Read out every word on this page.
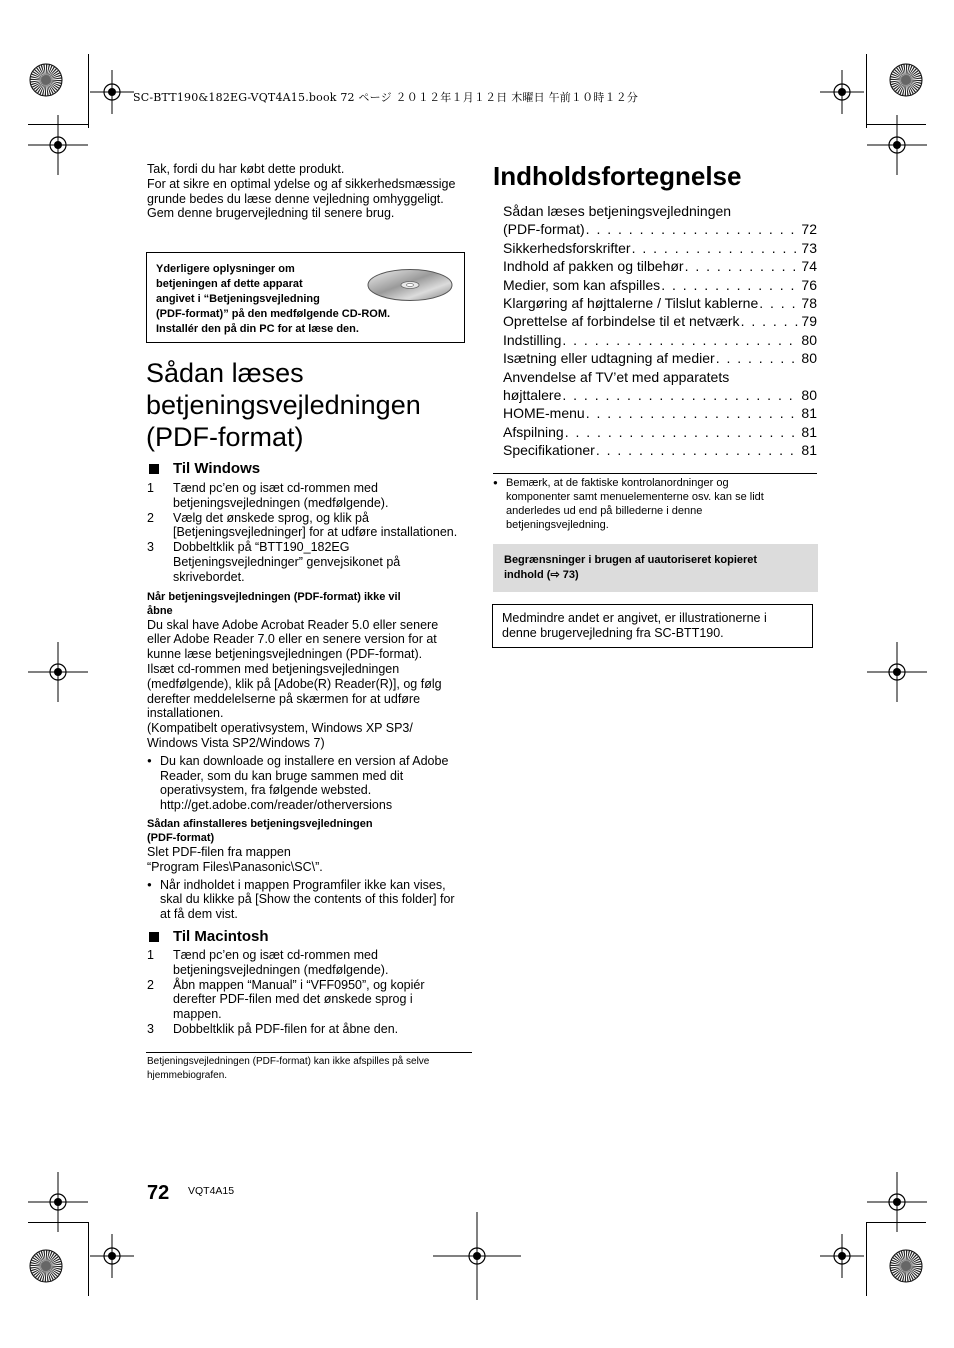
SC-BTT190&182EG-VQT4A15.book 72 ページ ２０１２年１月１２日 木曜日 午前１０時１２分
Tak, fordi du har købt dette produkt.
For at sikre en optimal ydelse og af sikkerhedsmæssige
grunde bedes du læse denne vejledning omhyggeligt.
Gem denne brugervejledning til senere brug.
Yderligere oplysninger om
betjeningen af dette apparat
angivet i “Betjeningsvejledning
(PDF-format)” på den medfølgende CD-ROM.
Installér den på din PC for at læse den.
Sådan læses
betjeningsvejledningen
(PDF-format)
Til Windows
1 Tænd pc’en og isæt cd-rommen med
betjeningsvejledningen (medfølgende).
2 Vælg det ønskede sprog, og klik på
[Betjeningsvejledninger] for at udføre installationen.
3 Dobbeltklik på “BTT190_182EG
Betjeningsvejledninger” genvejsikonet på
skrivebordet.
Når betjeningsvejledningen (PDF-format) ikke vil
åbne
Du skal have Adobe Acrobat Reader 5.0 eller senere
eller Adobe Reader 7.0 eller en senere version for at
kunne læse betjeningsvejledningen (PDF-format).
Ilsæt cd-rommen med betjeningsvejledningen
(medfølgende), klik på [Adobe(R) Reader(R)], og følg
derefter meddelelserne på skærmen for at udføre
installationen.
(Kompatibelt operativsystem, Windows XP SP3/
Windows Vista SP2/Windows 7)
● Du kan downloade og installere en version af Adobe
Reader, som du kan bruge sammen med dit
operativsystem, fra følgende websted.
http://get.adobe.com/reader/otherversions
Sådan afinstalleres betjeningsvejledningen
(PDF-format)
Slet PDF-filen fra mappen
“Program Files\Panasonic\SC\”.
● Når indholdet i mappen Programfiler ikke kan vises,
skal du klikke på [Show the contents of this folder] for
at få dem vist.
Til Macintosh
1 Tænd pc’en og isæt cd-rommen med
betjeningsvejledningen (medfølgende).
2 Åbn mappen “Manual” i “VFF0950”, og kopiér
derefter PDF-filen med det ønskede sprog i
mappen.
3 Dobbeltklik på PDF-filen for at åbne den.
Betjeningsvejledningen (PDF-format) kan ikke afspilles på selve
hjemmebiografen.
Indholdsfortegnelse
Sådan læses betjeningsvejledningen
(PDF-format) . . .	72
Sikkerhedsforskrifter . . .	73
Indhold af pakken og tilbehør . . .	74
Medier, som kan afspilles . . .	76
Klargøring af højttalerne / Tilslut kablerne . . .	78
Oprettelse af forbindelse til et netværk . . .	79
Indstilling . . .	80
Isætning eller udtagning af medier . . .	80
Anvendelse af TV’et med apparatets
højttalere . . .	80
HOME-menu . . .	81
Afspilning . . .	81
Specifikationer . . .	81
● Bemærk, at de faktiske kontrolanordninger og
komponenter samt menuelementerne osv. kan se lidt
anderledes ud end på billederne i denne
betjeningsvejledning.
Begrænsninger i brugen af uautoriseret kopieret
indhold (⇨ 73)
Medmindre andet er angivet, er illustrationerne i
denne brugervejledning fra SC-BTT190.
72 VQT4A15
